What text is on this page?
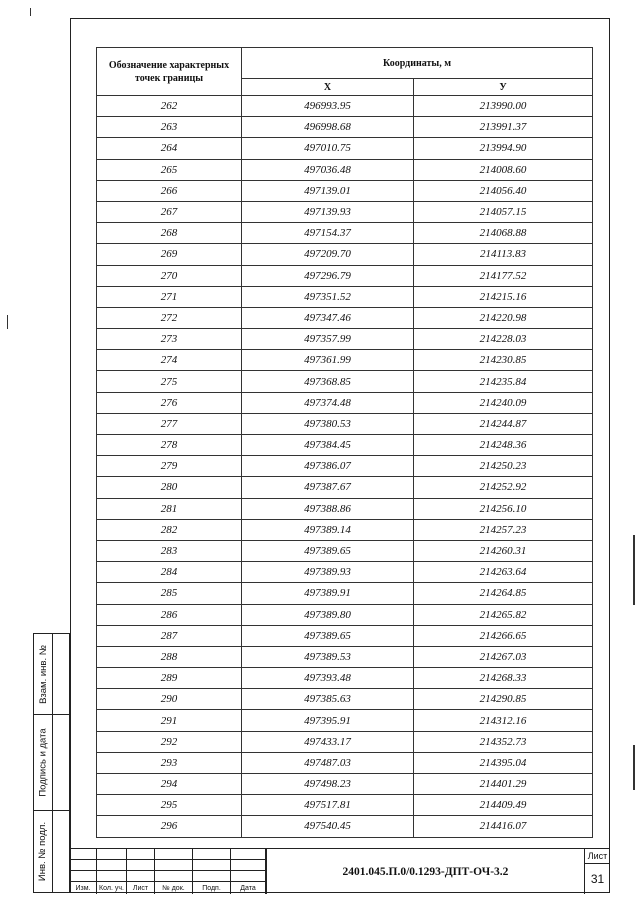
Обозначение характерных точек границы	Координаты, м	
	X	У
262	496993.95	213990.00
263	496998.68	213991.37
264	497010.75	213994.90
265	497036.48	214008.60
266	497139.01	214056.40
267	497139.93	214057.15
268	497154.37	214068.88
269	497209.70	214113.83
270	497296.79	214177.52
271	497351.52	214215.16
272	497347.46	214220.98
273	497357.99	214228.03
274	497361.99	214230.85
275	497368.85	214235.84
276	497374.48	214240.09
277	497380.53	214244.87
278	497384.45	214248.36
279	497386.07	214250.23
280	497387.67	214252.92
281	497388.86	214256.10
282	497389.14	214257.23
283	497389.65	214260.31
284	497389.93	214263.64
285	497389.91	214264.85
286	497389.80	214265.82
287	497389.65	214266.65
288	497389.53	214267.03
289	497393.48	214268.33
290	497385.63	214290.85
291	497395.91	214312.16
292	497433.17	214352.73
293	497487.03	214395.04
294	497498.23	214401.29
295	497517.81	214409.49
296	497540.45	214416.07
Взам. инв. №
Подпись и дата
Инв. № подл.
Изм.	Кол. уч.	Лист	№ док.	Подп.	Дата
2401.045.П.0/0.1293-ДПТ-ОЧ-3.2
Лист
31
